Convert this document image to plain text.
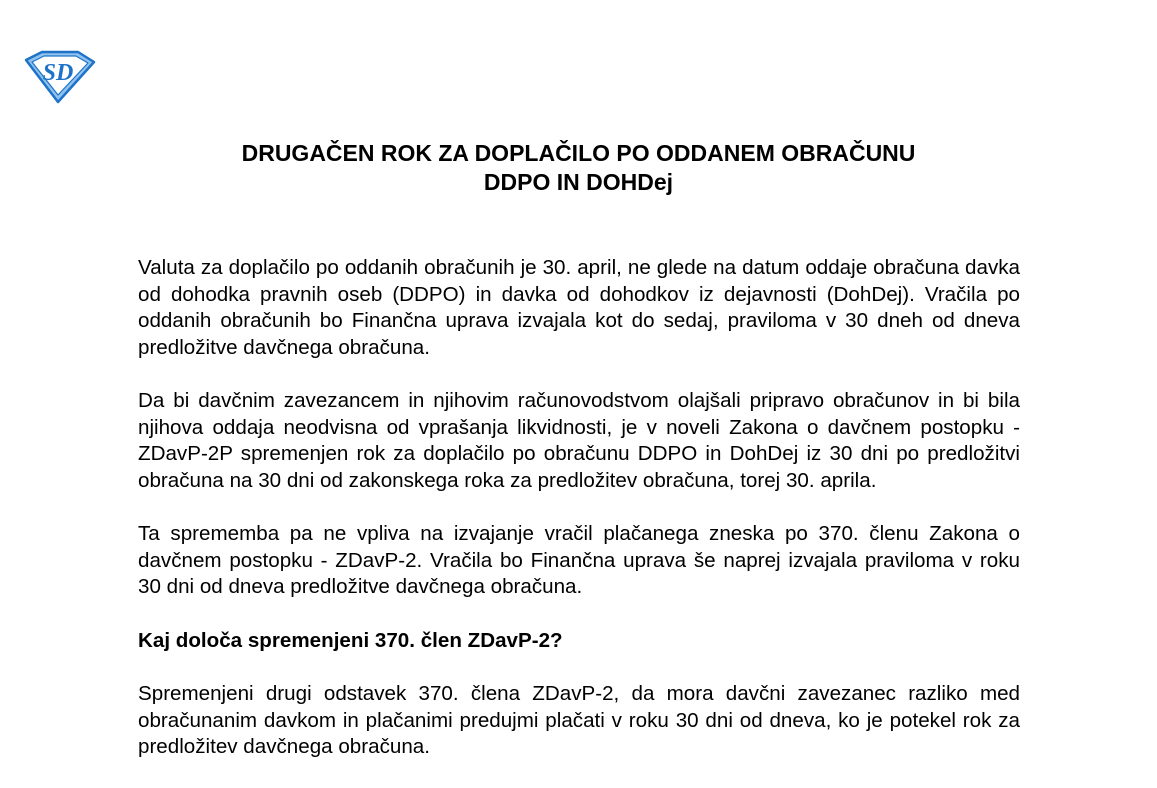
SD
DRUGAČEN ROK ZA DOPLAČILO PO ODDANEM OBRAČUNU
DDPO IN DOHDej

Valuta za doplačilo po oddanih obračunih je 30. april, ne glede na datum oddaje obračuna davka od dohodka pravnih oseb (DDPO) in davka od dohodkov iz dejavnosti (DohDej). Vračila po oddanih obračunih bo Finančna uprava izvajala kot do sedaj, praviloma v 30 dneh od dneva predložitve davčnega obračuna.

Da bi davčnim zavezancem in njihovim računovodstvom olajšali pripravo obračunov in bi bila njihova oddaja neodvisna od vprašanja likvidnosti, je v noveli Zakona o davčnem postopku - ZDavP-2P spremenjen rok za doplačilo po obračunu DDPO in DohDej iz 30 dni po predložitvi obračuna na 30 dni od zakonskega roka za predložitev obračuna, torej 30. aprila.

Ta sprememba pa ne vpliva na izvajanje vračil plačanega zneska po 370. členu Zakona o davčnem postopku - ZDavP-2. Vračila bo Finančna uprava še naprej izvajala praviloma v roku 30 dni od dneva predložitve davčnega obračuna.

Kaj določa spremenjeni 370. člen ZDavP-2?

Spremenjeni drugi odstavek 370. člena ZDavP-2, da mora davčni zavezanec razliko med obračunanim davkom in plačanimi predujmi plačati v roku 30 dni od dneva, ko je potekel rok za predložitev davčnega obračuna.
